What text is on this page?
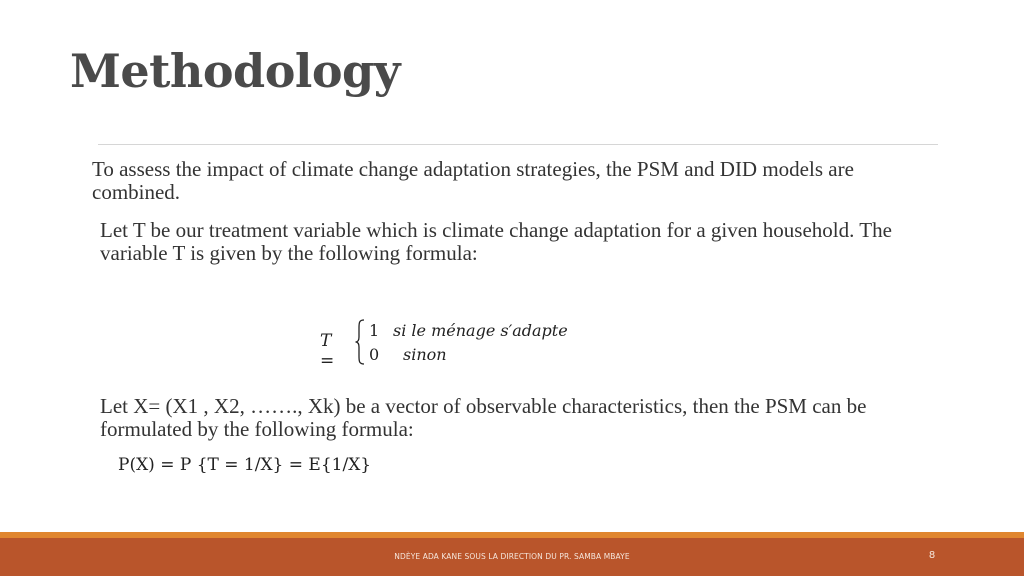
Methodology

To assess the impact of climate change adaptation strategies, the PSM and DID models are combined.

Let T be our treatment variable which is climate change adaptation for a given household. The variable T is given by the following formula:

T =
1 si le ménage s′adapte
0 sinon

Let X= (X1 , X2, ……., Xk) be a vector of observable characteristics, then the PSM can be formulated by the following formula:

P(X) = P {T = 1/X} = E{1/X}
NDÈYE ADA KANE SOUS LA DIRECTION DU PR. SAMBA MBAYE	8
